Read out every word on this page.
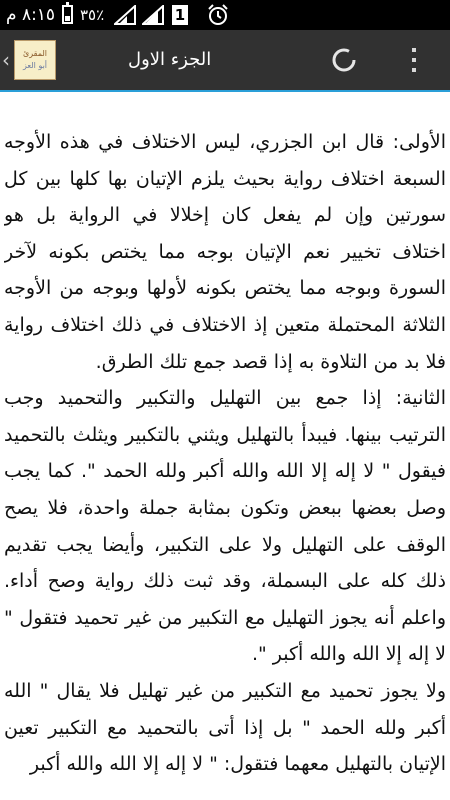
٨:١٥ م ٣٥٪	1
‹	المقرئ
أبو العز	الجزء الاول

الأولى: قال ابن الجزري، ليس الاختلاف في هذه الأوجه السبعة اختلاف رواية بحيث يلزم الإتيان بها كلها بين كل سورتين وإن لم يفعل كان إخلالا في الرواية بل هو اختلاف تخيير نعم الإتيان بوجه مما يختص بكونه لآخر السورة وبوجه مما يختص بكونه لأولها وبوجه من الأوجه الثلاثة المحتملة متعين إذ الاختلاف في ذلك اختلاف رواية فلا بد من التلاوة به إذا قصد جمع تلك الطرق.

الثانية: إذا جمع بين التهليل والتكبير والتحميد وجب الترتيب بينها. فيبدأ بالتهليل ويثني بالتكبير ويثلث بالتحميد فيقول " لا إله إلا الله والله أكبر ولله الحمد ". كما يجب وصل بعضها ببعض وتكون بمثابة جملة واحدة، فلا يصح الوقف على التهليل ولا على التكبير، وأيضا يجب تقديم ذلك كله على البسملة، وقد ثبت ذلك رواية وصح أداء. واعلم أنه يجوز التهليل مع التكبير من غير تحميد فتقول " لا إله إلا الله والله أكبر ".

ولا يجوز تحميد مع التكبير من غير تهليل فلا يقال " الله أكبر ولله الحمد " بل إذا أتى بالتحميد مع التكبير تعين الإتيان بالتهليل معهما فتقول: " لا إله إلا الله والله أكبر
